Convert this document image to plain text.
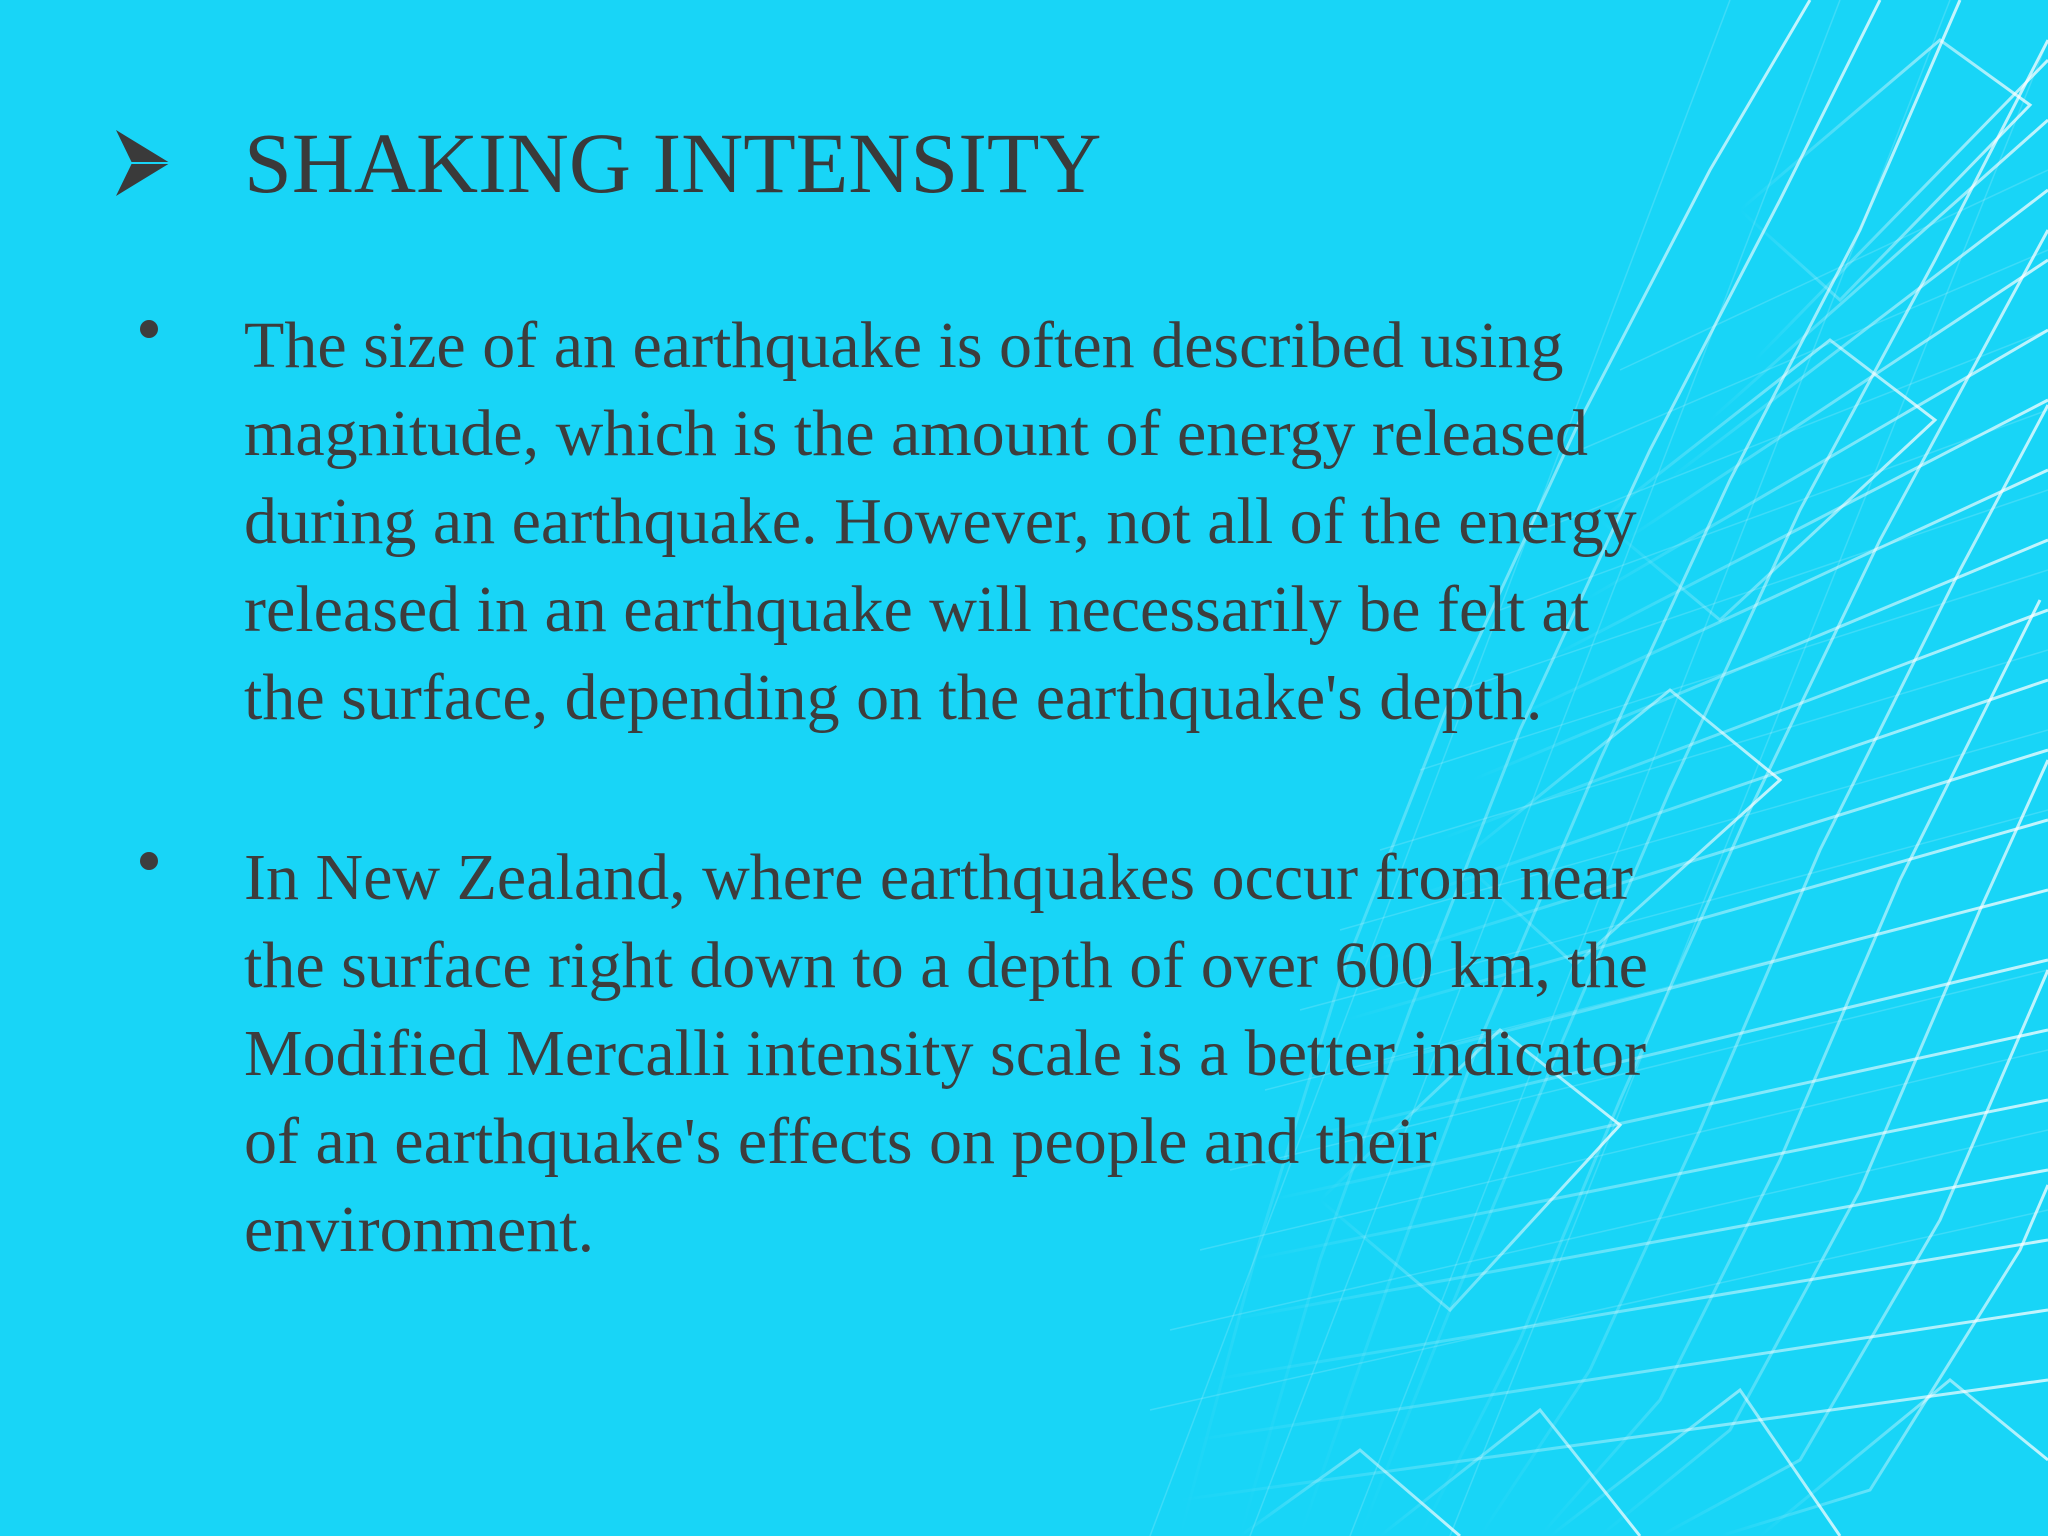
SHAKING INTENSITY
The size of an earthquake is often described using
magnitude, which is the amount of energy released
during an earthquake. However, not all of the energy
released in an earthquake will necessarily be felt at
the surface, depending on the earthquake's depth.
In New Zealand, where earthquakes occur from near
the surface right down to a depth of over 600 km, the
Modified Mercalli intensity scale is a better indicator
of an earthquake's effects on people and their
environment.
